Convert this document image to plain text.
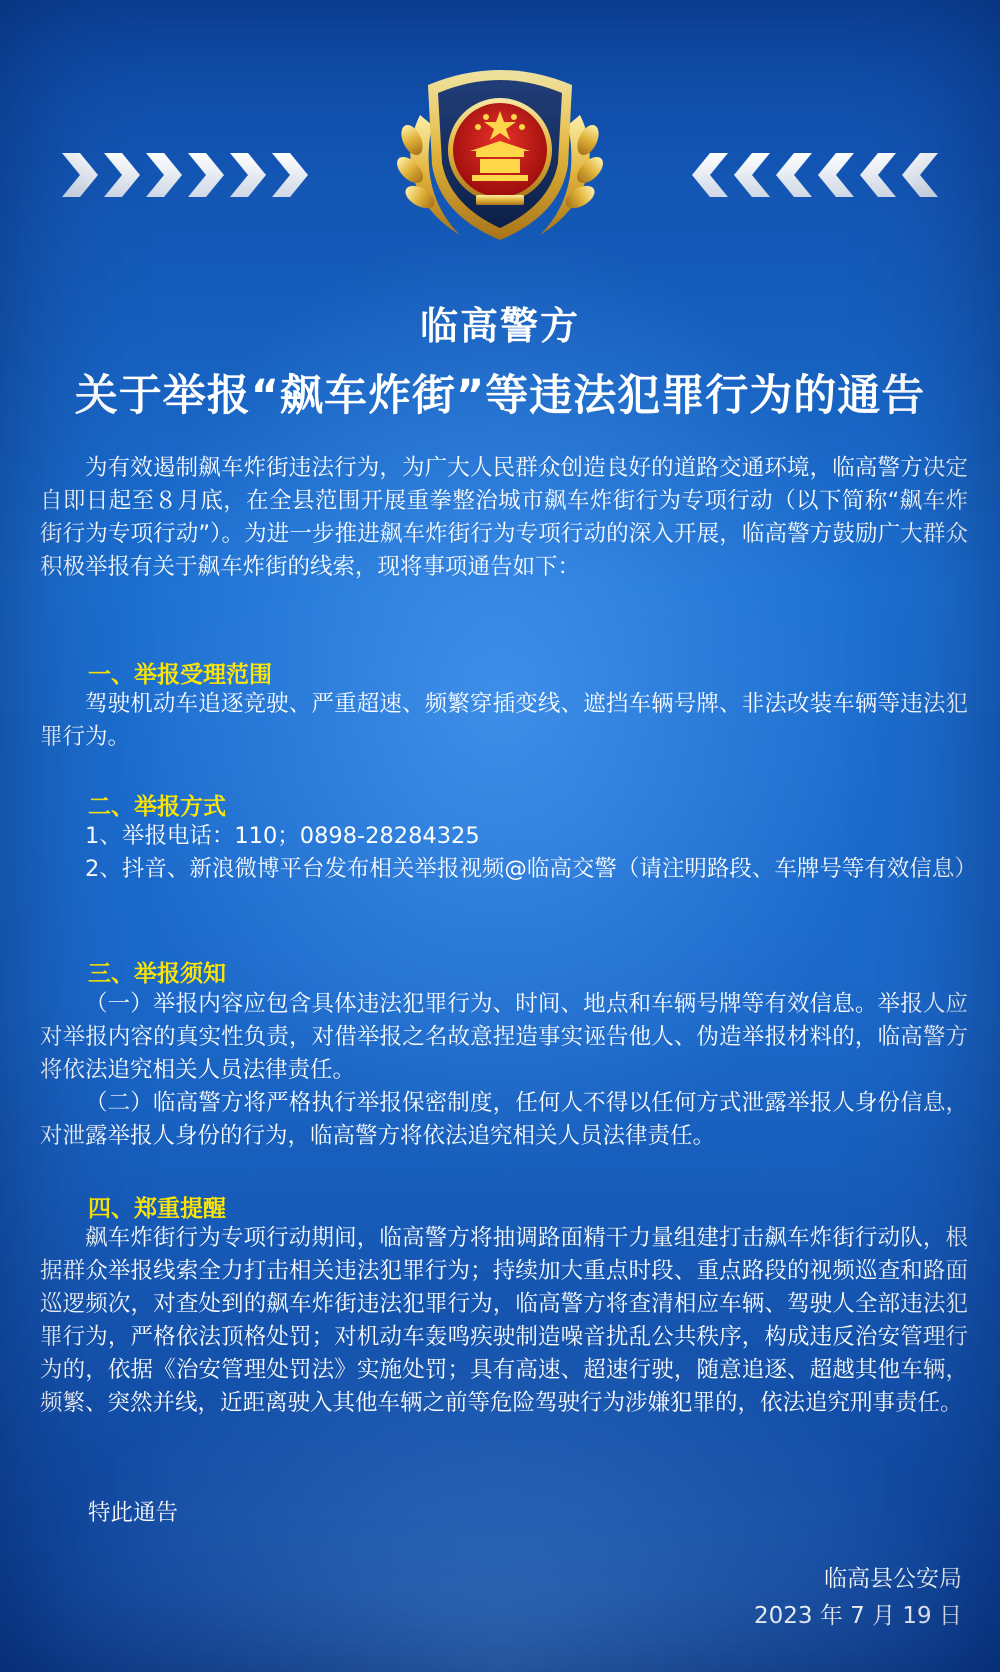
临高警方
关于举报“飙车炸街”等违法犯罪行为的通告
为有效遏制飙车炸街违法行为，为广大人民群众创造良好的道路交通环境，临高警方决定自即日起至８月底，在全县范围开展重拳整治城市飙车炸街行为专项行动（以下简称“飙车炸街行为专项行动”）。为进一步推进飙车炸街行为专项行动的深入开展，临高警方鼓励广大群众积极举报有关于飙车炸街的线索，现将事项通告如下：
一、举报受理范围
驾驶机动车追逐竞驶、严重超速、频繁穿插变线、遮挡车辆号牌、非法改装车辆等违法犯罪行为。
二、举报方式
1、举报电话：110；0898-28284325
2、抖音、新浪微博平台发布相关举报视频@临高交警（请注明路段、车牌号等有效信息）
三、举报须知
（一）举报内容应包含具体违法犯罪行为、时间、地点和车辆号牌等有效信息。举报人应对举报内容的真实性负责，对借举报之名故意捏造事实诬告他人、伪造举报材料的，临高警方将依法追究相关人员法律责任。
（二）临高警方将严格执行举报保密制度，任何人不得以任何方式泄露举报人身份信息，对泄露举报人身份的行为，临高警方将依法追究相关人员法律责任。
四、郑重提醒
飙车炸街行为专项行动期间，临高警方将抽调路面精干力量组建打击飙车炸街行动队，根据群众举报线索全力打击相关违法犯罪行为；持续加大重点时段、重点路段的视频巡查和路面巡逻频次，对查处到的飙车炸街违法犯罪行为，临高警方将查清相应车辆、驾驶人全部违法犯罪行为，严格依法顶格处罚；对机动车轰鸣疾驶制造噪音扰乱公共秩序，构成违反治安管理行为的，依据《治安管理处罚法》实施处罚；具有高速、超速行驶，随意追逐、超越其他车辆，频繁、突然并线，近距离驶入其他车辆之前等危险驾驶行为涉嫌犯罪的，依法追究刑事责任。
特此通告
临高县公安局
2023 年 7 月 19 日
